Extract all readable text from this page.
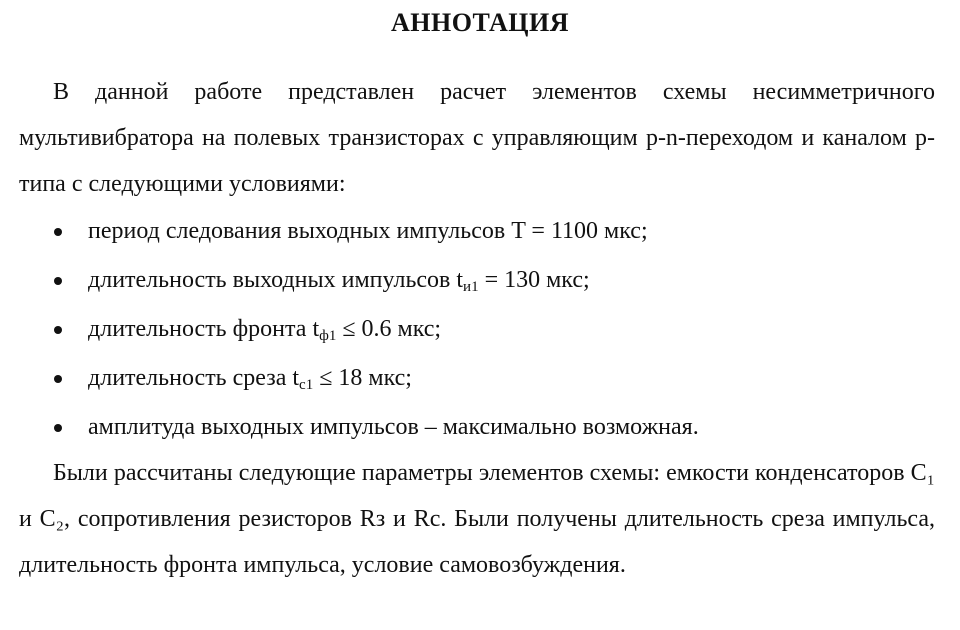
АННОТАЦИЯ

В данной работе представлен расчет элементов схемы несимметричного мультивибратора на полевых транзисторах с управляющим p-n-переходом и каналом p-типа с следующими условиями:

период следования выходных импульсов T = 1100 мкс;
длительность выходных импульсов $t_{и1} = 130$ мкс;
длительность фронта $t_{ф1} \le 0.6$ мкс;
длительность среза $t_{с1} \le 18$ мкс;
амплитуда выходных импульсов – максимально возможная.

Были рассчитаны следующие параметры элементов схемы: емкости конденсаторов C₁ и C₂, сопротивления резисторов Rз и Rс. Были получены длительность среза импульса, длительность фронта импульса, условие самовозбуждения.
